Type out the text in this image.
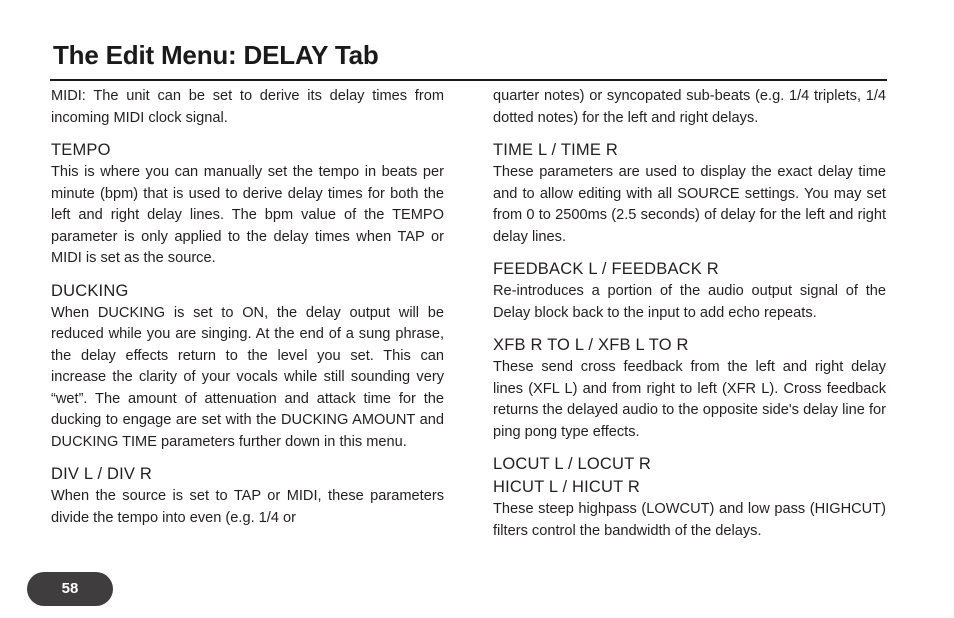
The Edit Menu: DELAY Tab

MIDI: The unit can be set to derive its delay times from incoming MIDI clock signal.

TEMPO

This is where you can manually set the tempo in beats per minute (bpm) that is used to derive delay times for both the left and right delay lines. The bpm value of the TEMPO parameter is only applied to the delay times when TAP or MIDI is set as the source.

DUCKING

When DUCKING is set to ON, the delay output will be reduced while you are singing. At the end of a sung phrase, the delay effects return to the level you set. This can increase the clarity of your vocals while still sounding very “wet”. The amount of attenuation and attack time for the ducking to engage are set with the DUCKING AMOUNT and DUCKING TIME parameters further down in this menu.

DIV L / DIV R

When the source is set to TAP or MIDI, these parameters divide the tempo into even (e.g. 1/4 or

quarter notes) or syncopated sub-beats (e.g. 1/4 triplets, 1/4 dotted notes) for the left and right delays.

TIME L / TIME R

These parameters are used to display the exact delay time and to allow editing with all SOURCE settings. You may set from 0 to 2500ms (2.5 seconds) of delay for the left and right delay lines.

FEEDBACK L / FEEDBACK R

Re-introduces a portion of the audio output signal of the Delay block back to the input to add echo repeats.

XFB R TO L / XFB L TO R

These send cross feedback from the left and right delay lines (XFL L) and from right to left (XFR L). Cross feedback returns the delayed audio to the opposite side's delay line for ping pong type effects.

LOCUT L / LOCUT R
HICUT L / HICUT R

These steep highpass (LOWCUT) and low pass (HIGHCUT) filters control the bandwidth of the delays.

58
